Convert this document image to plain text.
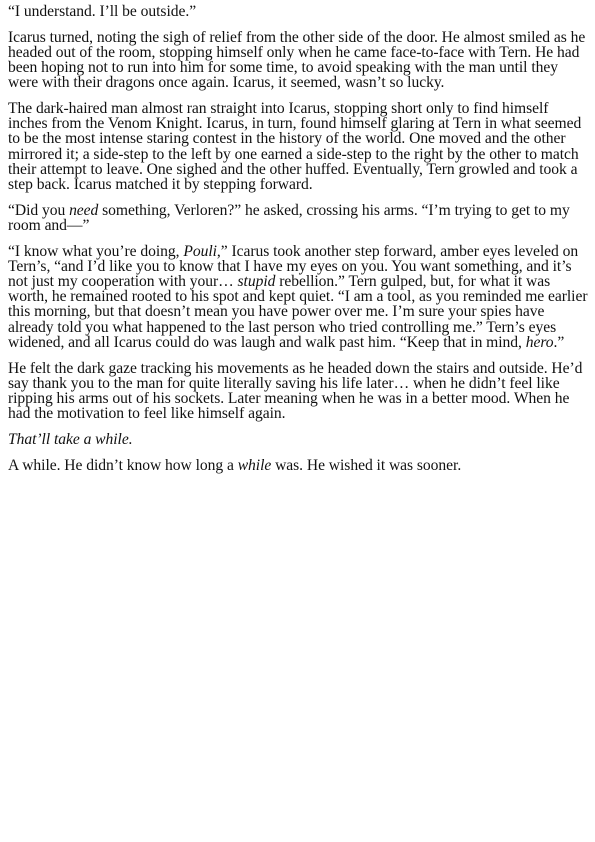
“I understand. I’ll be outside.”

Icarus turned, noting the sigh of relief from the other side of the door. He almost smiled as he headed out of the room, stopping himself only when he came face-to-face with Tern. He had been hoping not to run into him for some time, to avoid speaking with the man until they were with their dragons once again. Icarus, it seemed, wasn’t so lucky.

The dark-haired man almost ran straight into Icarus, stopping short only to find himself inches from the Venom Knight. Icarus, in turn, found himself glaring at Tern in what seemed to be the most intense staring contest in the history of the world. One moved and the other mirrored it; a side-step to the left by one earned a side-step to the right by the other to match their attempt to leave. One sighed and the other huffed. Eventually, Tern growled and took a step back. Icarus matched it by stepping forward.

“Did you need something, Verloren?” he asked, crossing his arms. “I’m trying to get to my room and—”

“I know what you’re doing, Pouli,” Icarus took another step forward, amber eyes leveled on Tern’s, “and I’d like you to know that I have my eyes on you. You want something, and it’s not just my cooperation with your… stupid rebellion.” Tern gulped, but, for what it was worth, he remained rooted to his spot and kept quiet. “I am a tool, as you reminded me earlier this morning, but that doesn’t mean you have power over me. I’m sure your spies have already told you what happened to the last person who tried controlling me.” Tern’s eyes widened, and all Icarus could do was laugh and walk past him. “Keep that in mind, hero.”

He felt the dark gaze tracking his movements as he headed down the stairs and outside. He’d say thank you to the man for quite literally saving his life later… when he didn’t feel like ripping his arms out of his sockets. Later meaning when he was in a better mood. When he had the motivation to feel like himself again.

That’ll take a while.

A while. He didn’t know how long a while was. He wished it was sooner.
